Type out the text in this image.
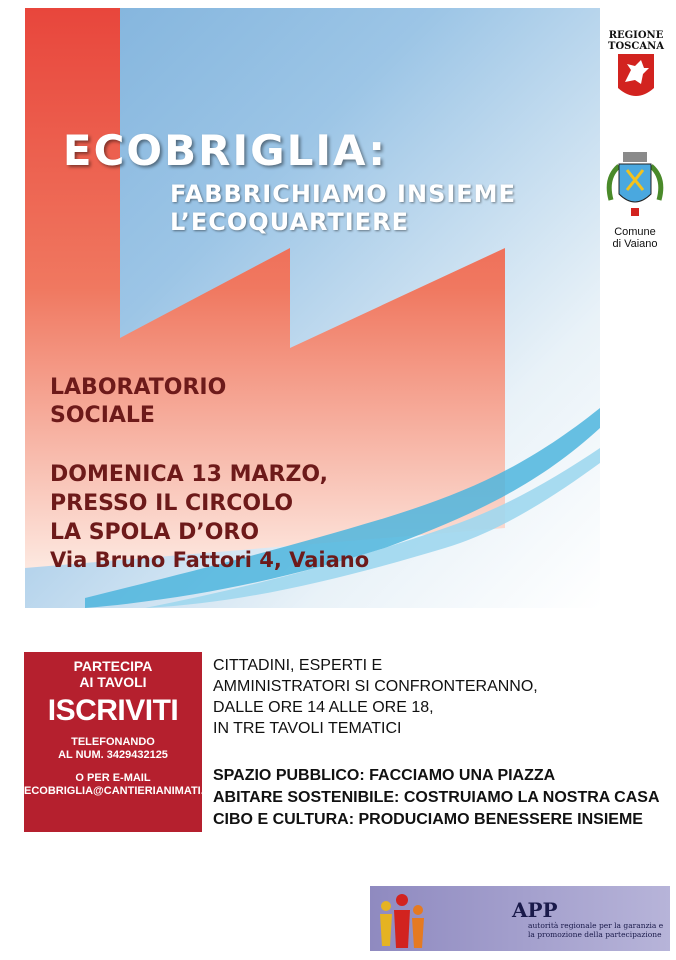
ECOBRIGLIA:
FABBRICHIAMO INSIEME
L’ECOQUARTIERE
LABORATORIO
SOCIALE
DOMENICA 13 MARZO,
PRESSO IL CIRCOLO
LA SPOLA D’ORO
Via Bruno Fattori 4, Vaiano
REGIONE
TOSCANA
Comune
di Vaiano
PARTECIPA
AI TAVOLI
ISCRIVITI
TELEFONANDO
AL NUM. 3429432125
O PER E-MAIL
ECOBRIGLIA@CANTIERIANIMATI.IT

CITTADINI, ESPERTI E

AMMINISTRATORI SI CONFRONTERANNO,

DALLE ORE 14 ALLE ORE 18,

IN TRE TAVOLI TEMATICI

SPAZIO PUBBLICO: FACCIAMO UNA PIAZZA

ABITARE SOSTENIBILE: COSTRUIAMO LA NOSTRA CASA

CIBO E CULTURA: PRODUCIAMO BENESSERE INSIEME

APP
autorità regionale per la garanzia e
la promozione della partecipazione
